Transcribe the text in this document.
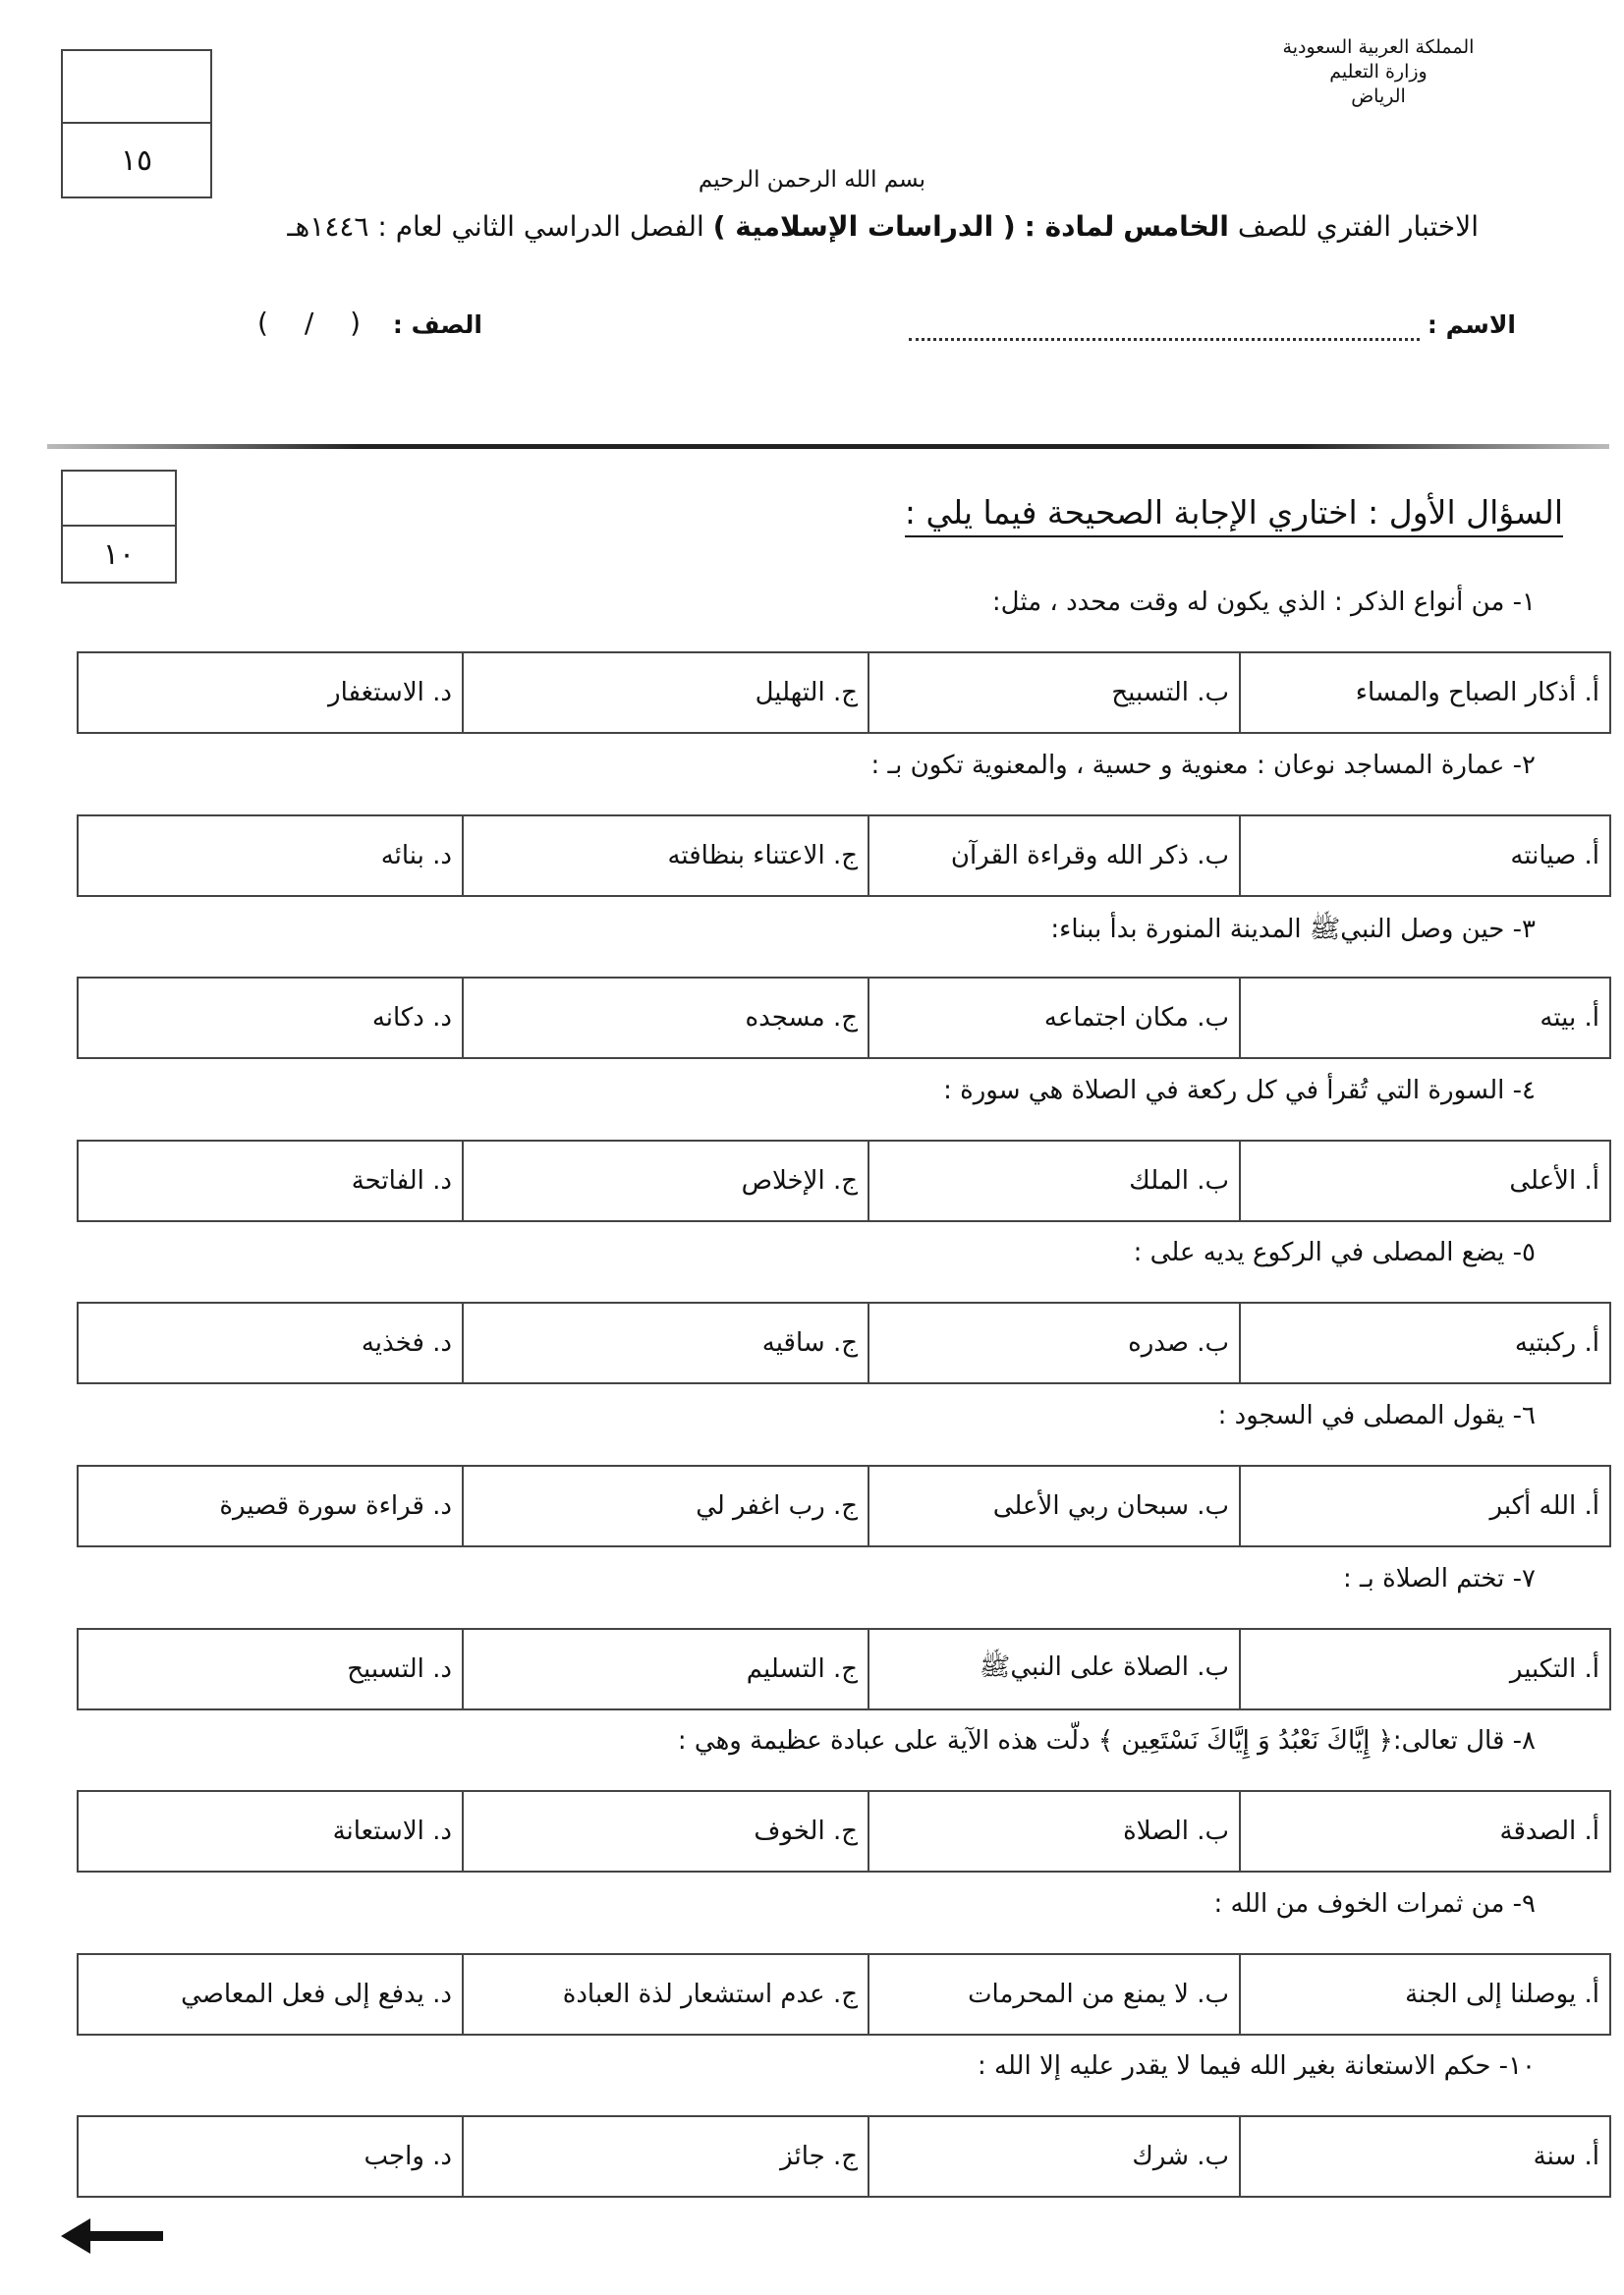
المملكة العربية السعودية
وزارة التعليم
الرياض
١٥
بسم الله الرحمن الرحيم
الاختبار الفتري للصف الخامس لمادة : ( الدراسات الإسلامية ) الفصل الدراسي الثاني لعام : ١٤٤٦هـ
الاسم :
الصف :
( / )
١٠
السؤال الأول : اختاري الإجابة الصحيحة فيما يلي :
١- من أنواع الذكر : الذي يكون له وقت محدد ، مثل:
أ. أذكار الصباح والمساء	ب. التسبيح	ج. التهليل	د. الاستغفار
٢- عمارة المساجد نوعان : معنوية و حسية ، والمعنوية تكون بـ :
أ. صيانته	ب. ذكر الله وقراءة القرآن	ج. الاعتناء بنظافته	د. بنائه
٣- حين وصل النبيﷺ المدينة المنورة بدأ ببناء:
أ. بيته	ب. مكان اجتماعه	ج. مسجده	د. دكانه
٤- السورة التي تُقرأ في كل ركعة في الصلاة هي سورة :
أ. الأعلى	ب. الملك	ج. الإخلاص	د. الفاتحة
٥- يضع المصلى في الركوع يديه على :
أ. ركبتيه	ب. صدره	ج. ساقيه	د. فخذيه
٦- يقول المصلى في السجود :
أ. الله أكبر	ب. سبحان ربي الأعلى	ج. رب اغفر لي	د. قراءة سورة قصيرة
٧- تختم الصلاة بـ :
أ. التكبير	ب. الصلاة على النبيﷺ	ج. التسليم	د. التسبيح
٨- قال تعالى:﴿ إِيَّاكَ نَعْبُدُ وَ إِيَّاكَ نَسْتَعِين ﴾ دلّت هذه الآية على عبادة عظيمة وهي :
أ. الصدقة	ب. الصلاة	ج. الخوف	د. الاستعانة
٩- من ثمرات الخوف من الله :
أ. يوصلنا إلى الجنة	ب. لا يمنع من المحرمات	ج. عدم استشعار لذة العبادة	د. يدفع إلى فعل المعاصي
١٠- حكم الاستعانة بغير الله فيما لا يقدر عليه إلا الله :
أ. سنة	ب. شرك	ج. جائز	د. واجب
